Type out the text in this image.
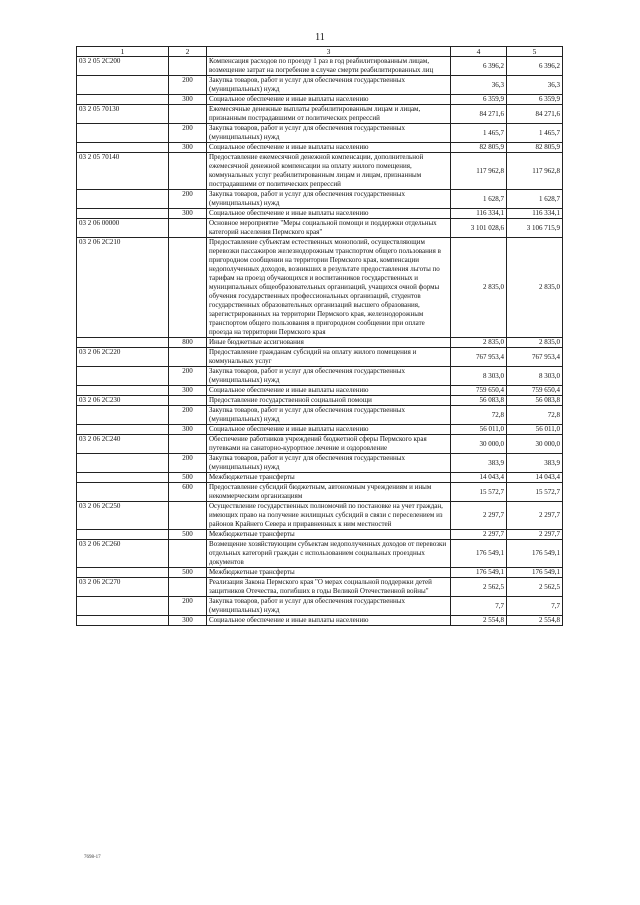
11
1	2	3	4	5
03 2 05 2С200		Компенсация расходов по проезду 1 раз в год реабилитированным лицам, возмещение затрат на погребение в случае смерти реабилитированных лиц	6 396,2	6 396,2
	200	Закупка товаров, работ и услуг для обеспечения государственных (муниципальных) нужд	36,3	36,3
	300	Социальное обеспечение и иные выплаты населению	6 359,9	6 359,9
03 2 05 70130		Ежемесячные денежные выплаты реабилитированным лицам и лицам, признанным пострадавшими от политических репрессий	84 271,6	84 271,6
	200	Закупка товаров, работ и услуг для обеспечения государственных (муниципальных) нужд	1 465,7	1 465,7
	300	Социальное обеспечение и иные выплаты населению	82 805,9	82 805,9
03 2 05 70140		Предоставление ежемесячной денежной компенсации, дополнительной ежемесячной денежной компенсации на оплату жилого помещения, коммунальных услуг реабилитированным лицам и лицам, признанным пострадавшими от политических репрессий	117 962,8	117 962,8
	200	Закупка товаров, работ и услуг для обеспечения государственных (муниципальных) нужд	1 628,7	1 628,7
	300	Социальное обеспечение и иные выплаты населению	116 334,1	116 334,1
03 2 06 00000		Основное мероприятие "Меры социальной помощи и поддержки отдельных категорий населения Пермского края"	3 101 028,6	3 106 715,9
03 2 06 2С210		Предоставление субъектам естественных монополий, осуществляющим перевозки пассажиров железнодорожным транспортом общего пользования в пригородном сообщении на территории Пермского края, компенсации недополученных доходов, возникших в результате предоставления льготы по тарифам на проезд обучающихся и воспитанников государственных и муниципальных общеобразовательных организаций, учащихся очной формы обучения государственных профессиональных организаций, студентов государственных образовательных организаций высшего образования, зарегистрированных на территории Пермского края, железнодорожным транспортом общего пользования в пригородном сообщении при оплате проезда на территории Пермского края	2 835,0	2 835,0
	800	Иные бюджетные ассигнования	2 835,0	2 835,0
03 2 06 2С220		Предоставление гражданам субсидий на оплату жилого помещения и коммунальных услуг	767 953,4	767 953,4
	200	Закупка товаров, работ и услуг для обеспечения государственных (муниципальных) нужд	8 303,0	8 303,0
	300	Социальное обеспечение и иные выплаты населению	759 650,4	759 650,4
03 2 06 2С230		Предоставление государственной социальной помощи	56 083,8	56 083,8
	200	Закупка товаров, работ и услуг для обеспечения государственных (муниципальных) нужд	72,8	72,8
	300	Социальное обеспечение и иные выплаты населению	56 011,0	56 011,0
03 2 06 2С240		Обеспечение работников учреждений бюджетной сферы Пермского края путевками на санаторно-курортное лечение и оздоровление	30 000,0	30 000,0
	200	Закупка товаров, работ и услуг для обеспечения государственных (муниципальных) нужд	383,9	383,9
	500	Межбюджетные трансферты	14 043,4	14 043,4
	600	Предоставление субсидий бюджетным, автономным учреждениям и иным некоммерческим организациям	15 572,7	15 572,7
03 2 06 2С250		Осуществление государственных полномочий по постановке на учет граждан, имеющих право на получение жилищных субсидий в связи с переселением из районов Крайнего Севера и приравненных к ним местностей	2 297,7	2 297,7
	500	Межбюджетные трансферты	2 297,7	2 297,7
03 2 06 2С260		Возмещение хозяйствующим субъектам недополученных доходов от перевозки отдельных категорий граждан с использованием социальных проездных документов	176 549,1	176 549,1
	500	Межбюджетные трансферты	176 549,1	176 549,1
03 2 06 2С270		Реализация Закона Пермского края "О мерах социальной поддержки детей защитников Отечества, погибших в годы Великой Отечественной войны"	2 562,5	2 562,5
	200	Закупка товаров, работ и услуг для обеспечения государственных (муниципальных) нужд	7,7	7,7
	300	Социальное обеспечение и иные выплаты населению	2 554,8	2 554,8
7698-17
